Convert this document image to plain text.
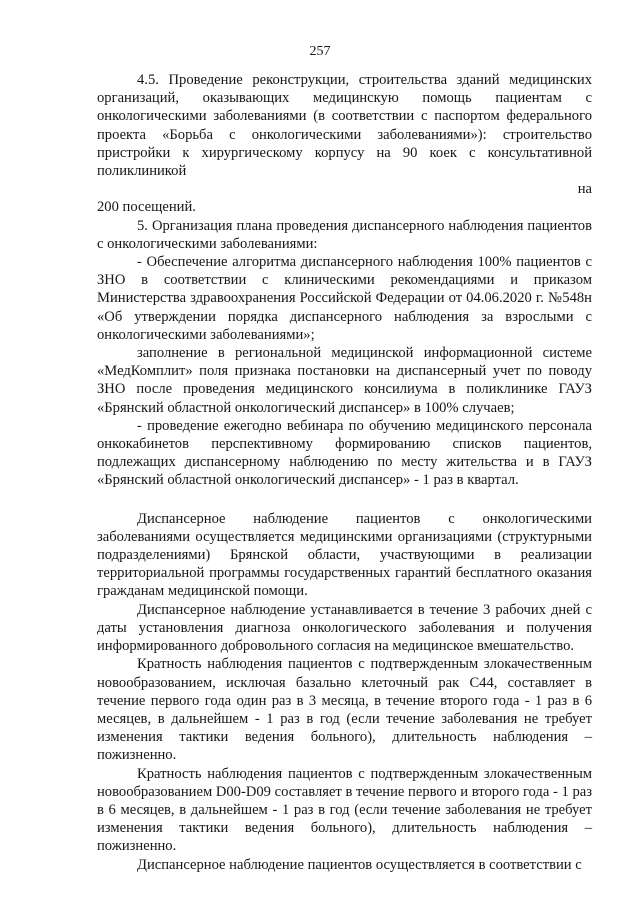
257

4.5. Проведение реконструкции, строительства зданий медицинских организаций, оказывающих медицинскую помощь пациентам с онкологическими заболеваниями (в соответствии с паспортом федерального проекта «Борьба с онкологическими заболеваниями»): строительство пристройки к хирургическому корпусу на 90 коек с консультативной поликлиникой

на

200 посещений.

5. Организация плана проведения диспансерного наблюдения пациентов с онкологическими заболеваниями:

- Обеспечение алгоритма диспансерного наблюдения 100% пациентов с ЗНО в соответствии с клиническими рекомендациями и приказом Министерства здравоохранения Российской Федерации от 04.06.2020 г. №548н «Об утверждении порядка диспансерного наблюдения за взрослыми с онкологическими заболеваниями»;

заполнение в региональной медицинской информационной системе «МедКомплит» поля признака постановки на диспансерный учет по поводу ЗНО после проведения медицинского консилиума в поликлинике ГАУЗ «Брянский областной онкологический диспансер» в 100% случаев;

- проведение ежегодно вебинара по обучению медицинского персонала онкокабинетов перспективному формированию списков пациентов, подлежащих диспансерному наблюдению по месту жительства и в ГАУЗ «Брянский областной онкологический диспансер» - 1 раз в квартал.

Диспансерное наблюдение пациентов с онкологическими заболеваниями осуществляется медицинскими организациями (структурными подразделениями) Брянской области, участвующими в реализации территориальной программы государственных гарантий бесплатного оказания гражданам медицинской помощи.

Диспансерное наблюдение устанавливается в течение 3 рабочих дней с даты установления диагноза онкологического заболевания и получения информированного добровольного согласия на медицинское вмешательство.

Кратность наблюдения пациентов с подтвержденным злокачественным новообразованием, исключая базально клеточный рак C44, составляет в течение первого года один раз в 3 месяца, в течение второго года - 1 раз в 6 месяцев, в дальнейшем - 1 раз в год (если течение заболевания не требует изменения тактики ведения больного), длительность наблюдения – пожизненно.

Кратность наблюдения пациентов с подтвержденным злокачественным новообразованием D00-D09 составляет в течение первого и второго года - 1 раз в 6 месяцев, в дальнейшем - 1 раз в год (если течение заболевания не требует изменения тактики ведения больного), длительность наблюдения – пожизненно.

Диспансерное наблюдение пациентов осуществляется в соответствии с
